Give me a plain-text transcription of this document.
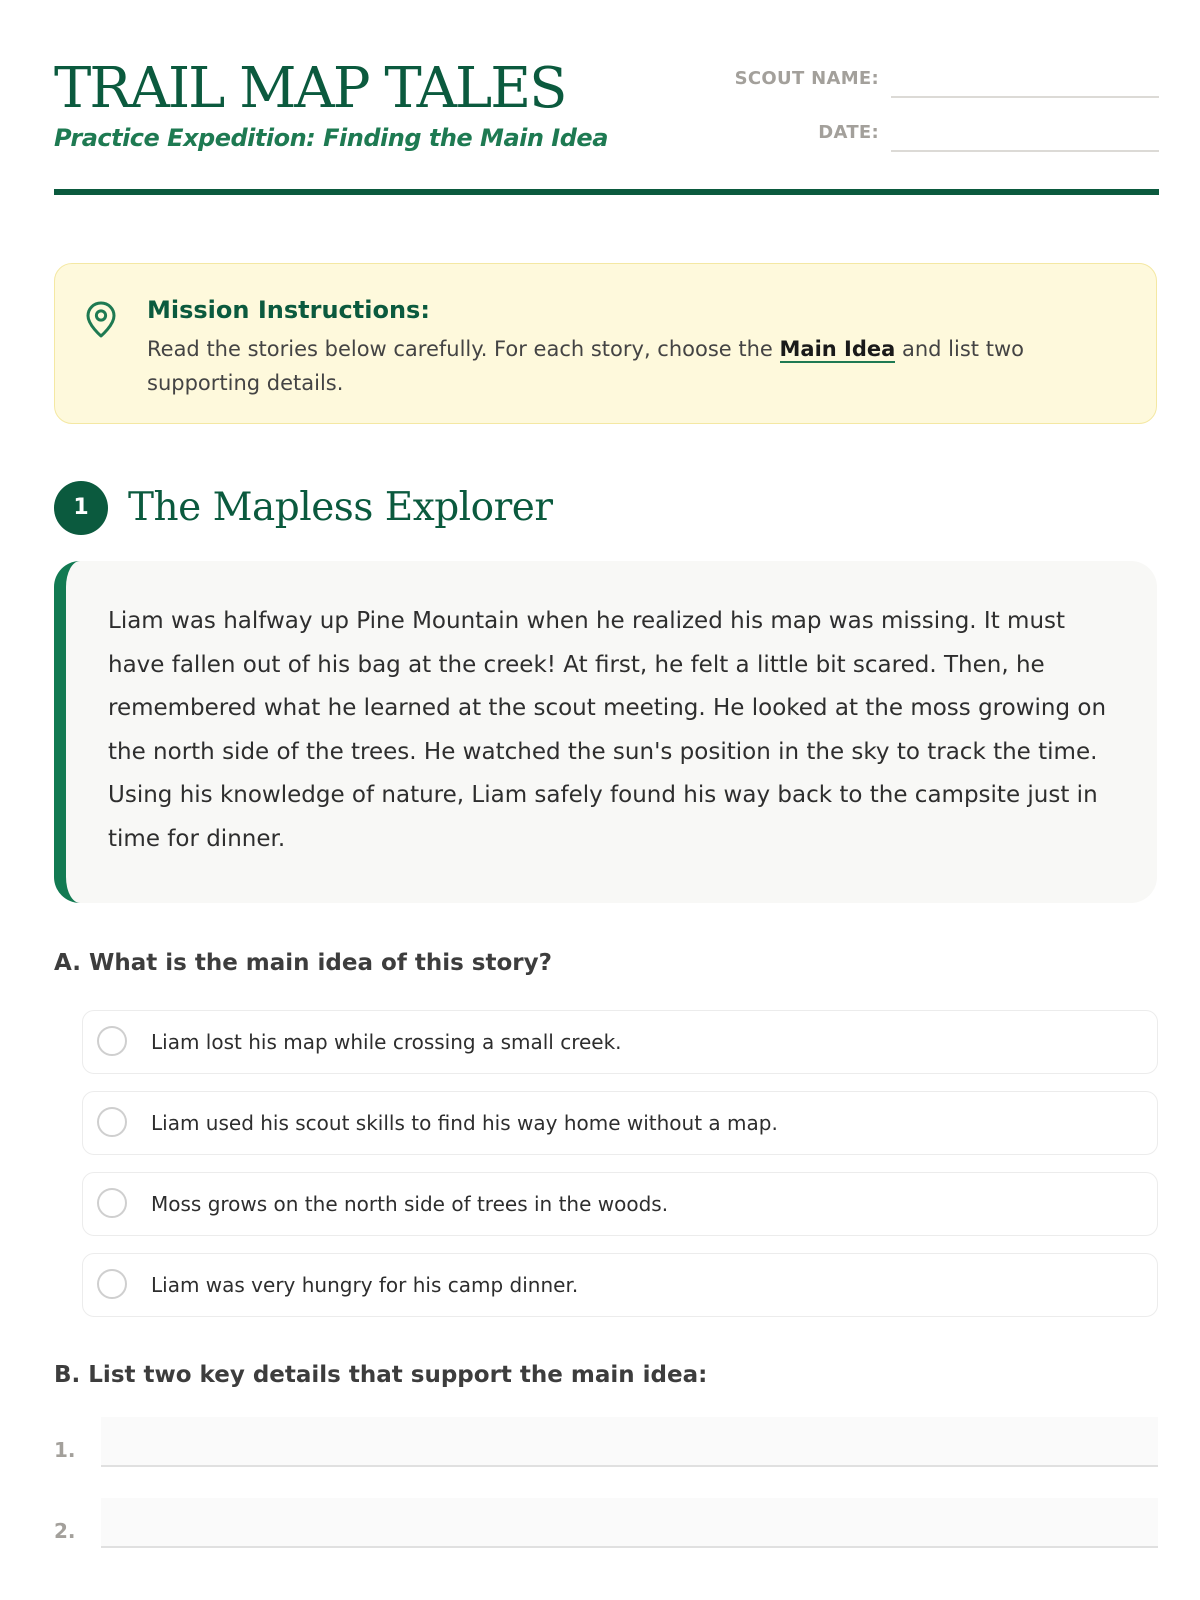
TRAIL MAP TALES
Practice Expedition: Finding the Main Idea
SCOUT NAME:
DATE:
Mission Instructions:
Read the stories below carefully. For each story, choose the Main Idea and list two supporting details.
1	The Mapless Explorer
Liam was halfway up Pine Mountain when he realized his map was missing. It must have fallen out of his bag at the creek! At first, he felt a little bit scared. Then, he remembered what he learned at the scout meeting. He looked at the moss growing on the north side of the trees. He watched the sun's position in the sky to track the time. Using his knowledge of nature, Liam safely found his way back to the campsite just in time for dinner.
A. What is the main idea of this story?
Liam lost his map while crossing a small creek.
Liam used his scout skills to find his way home without a map.
Moss grows on the north side of trees in the woods.
Liam was very hungry for his camp dinner.
B. List two key details that support the main idea:
1.
2.
